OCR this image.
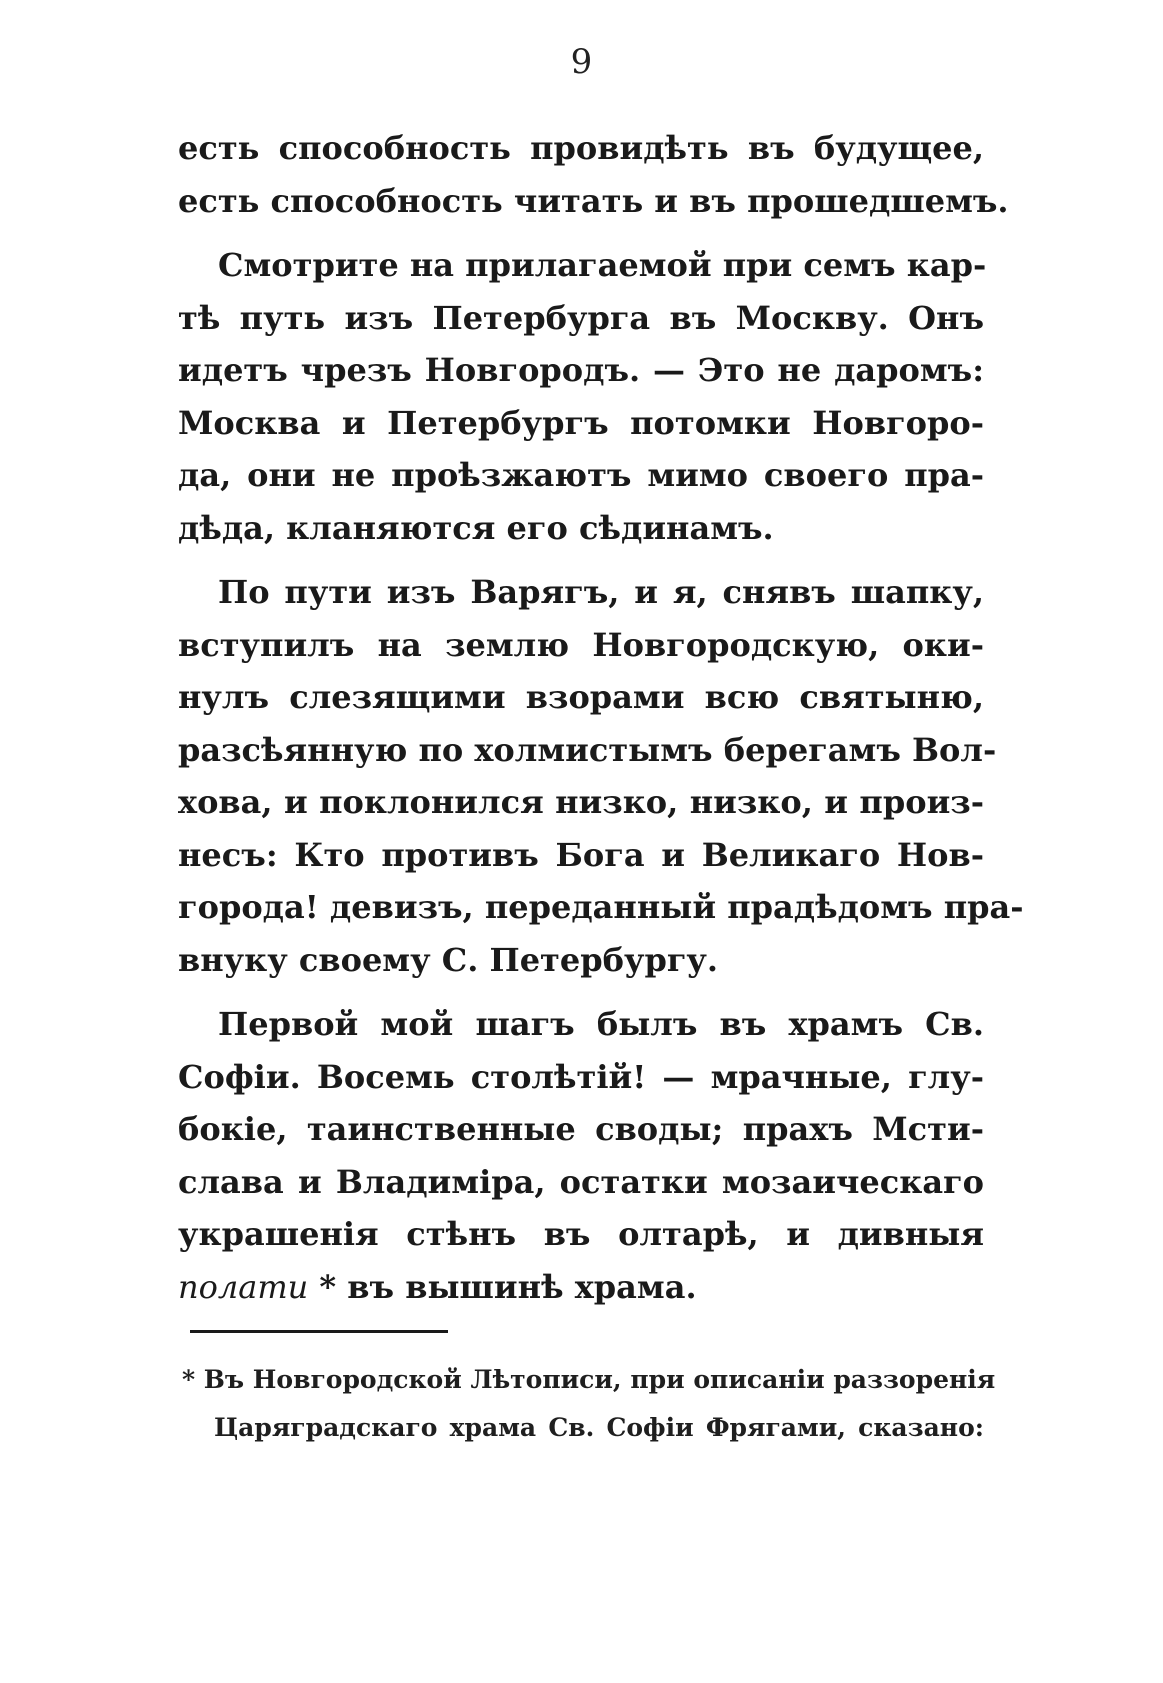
9
есть способность провидѣть въ будущее,
есть способность читать и въ прошедшемъ.
Смотрите на прилагаемой при семъ кар-
тѣ путь изъ Петербурга въ Москву. Онъ
идетъ чрезъ Новгородъ. — Это не даромъ:
Москва и Петербургъ потомки Новгоро-
да, они не проѣзжаютъ мимо своего пра-
дѣда, кланяются его сѣдинамъ.
По пути изъ Варягъ, и я, снявъ шапку,
вступилъ на землю Новгородскую, оки-
нулъ слезящими взорами всю святыню,
разсѣянную по холмистымъ берегамъ Вол-
хова, и поклонился низко, низко, и произ-
несъ: Кто противъ Бога и Великаго Нов-
города! девизъ, переданный прадѣдомъ пра-
внуку своему С. Петербургу.
Первой мой шагъ былъ въ храмъ Св.
Софіи. Восемь столѣтій! — мрачные, глу-
бокіе, таинственные своды; прахъ Мсти-
слава и Владиміра, остатки мозаическаго
украшенія стѣнъ въ олтарѣ, и дивныя
полати * въ вышинѣ храма.
* Въ Новгородской Лѣтописи, при описаніи раззоренія
Царяградскаго храма Св. Софіи Фрягами, сказано:
